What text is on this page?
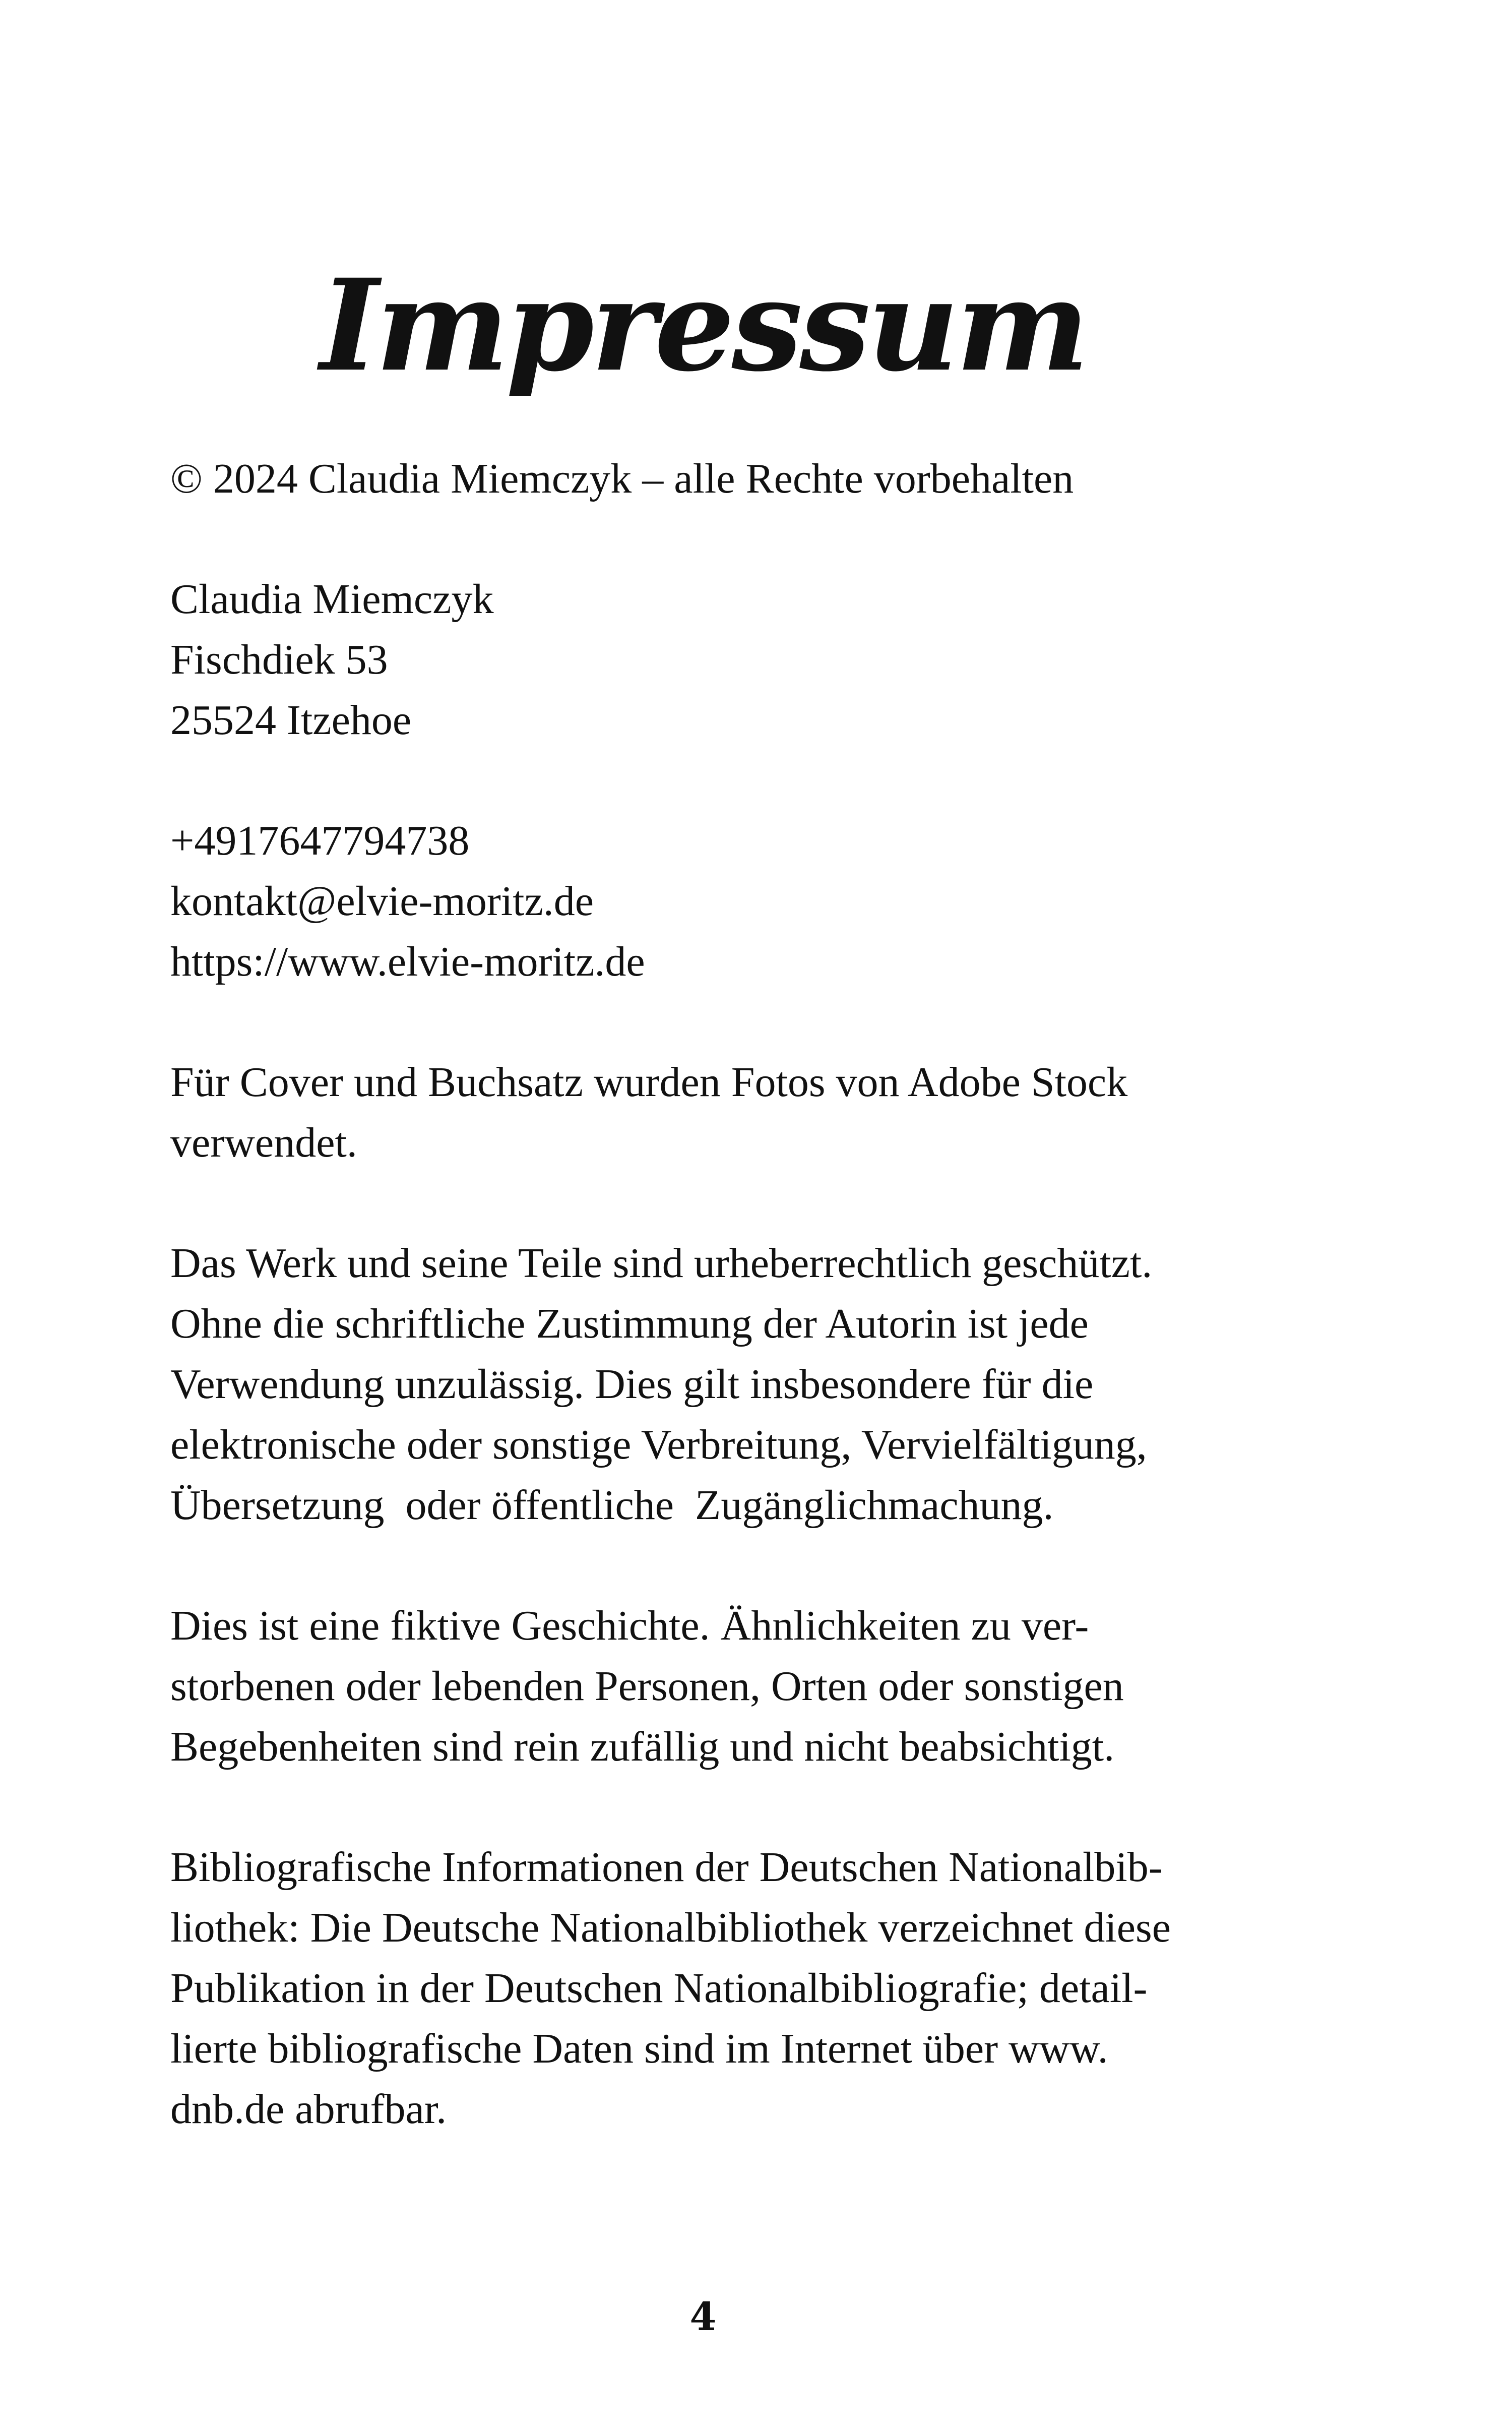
Impressum
© 2024 Claudia Miemczyk – alle Rechte vorbehalten
Claudia Miemczyk
Fischdiek 53
25524 Itzehoe
+4917647794738
kontakt@elvie-moritz.de
https://www.elvie-moritz.de
Für Cover und Buchsatz wurden Fotos von Adobe Stock
verwendet.
Das Werk und seine Teile sind urheberrechtlich geschützt.
Ohne die schriftliche Zustimmung der Autorin ist jede
Verwendung unzulässig. Dies gilt insbesondere für die
elektronische oder sonstige Verbreitung, Vervielfältigung,
Übersetzung  oder öffentliche  Zugänglichmachung.
Dies ist eine fiktive Geschichte. Ähnlichkeiten zu ver-
storbenen oder lebenden Personen, Orten oder sonstigen
Begebenheiten sind rein zufällig und nicht beabsichtigt.
Bibliografische Informationen der Deutschen Nationalbib-
liothek: Die Deutsche Nationalbibliothek verzeichnet diese
Publikation in der Deutschen Nationalbibliografie; detail-
lierte bibliografische Daten sind im Internet über www.
dnb.de abrufbar.
4
